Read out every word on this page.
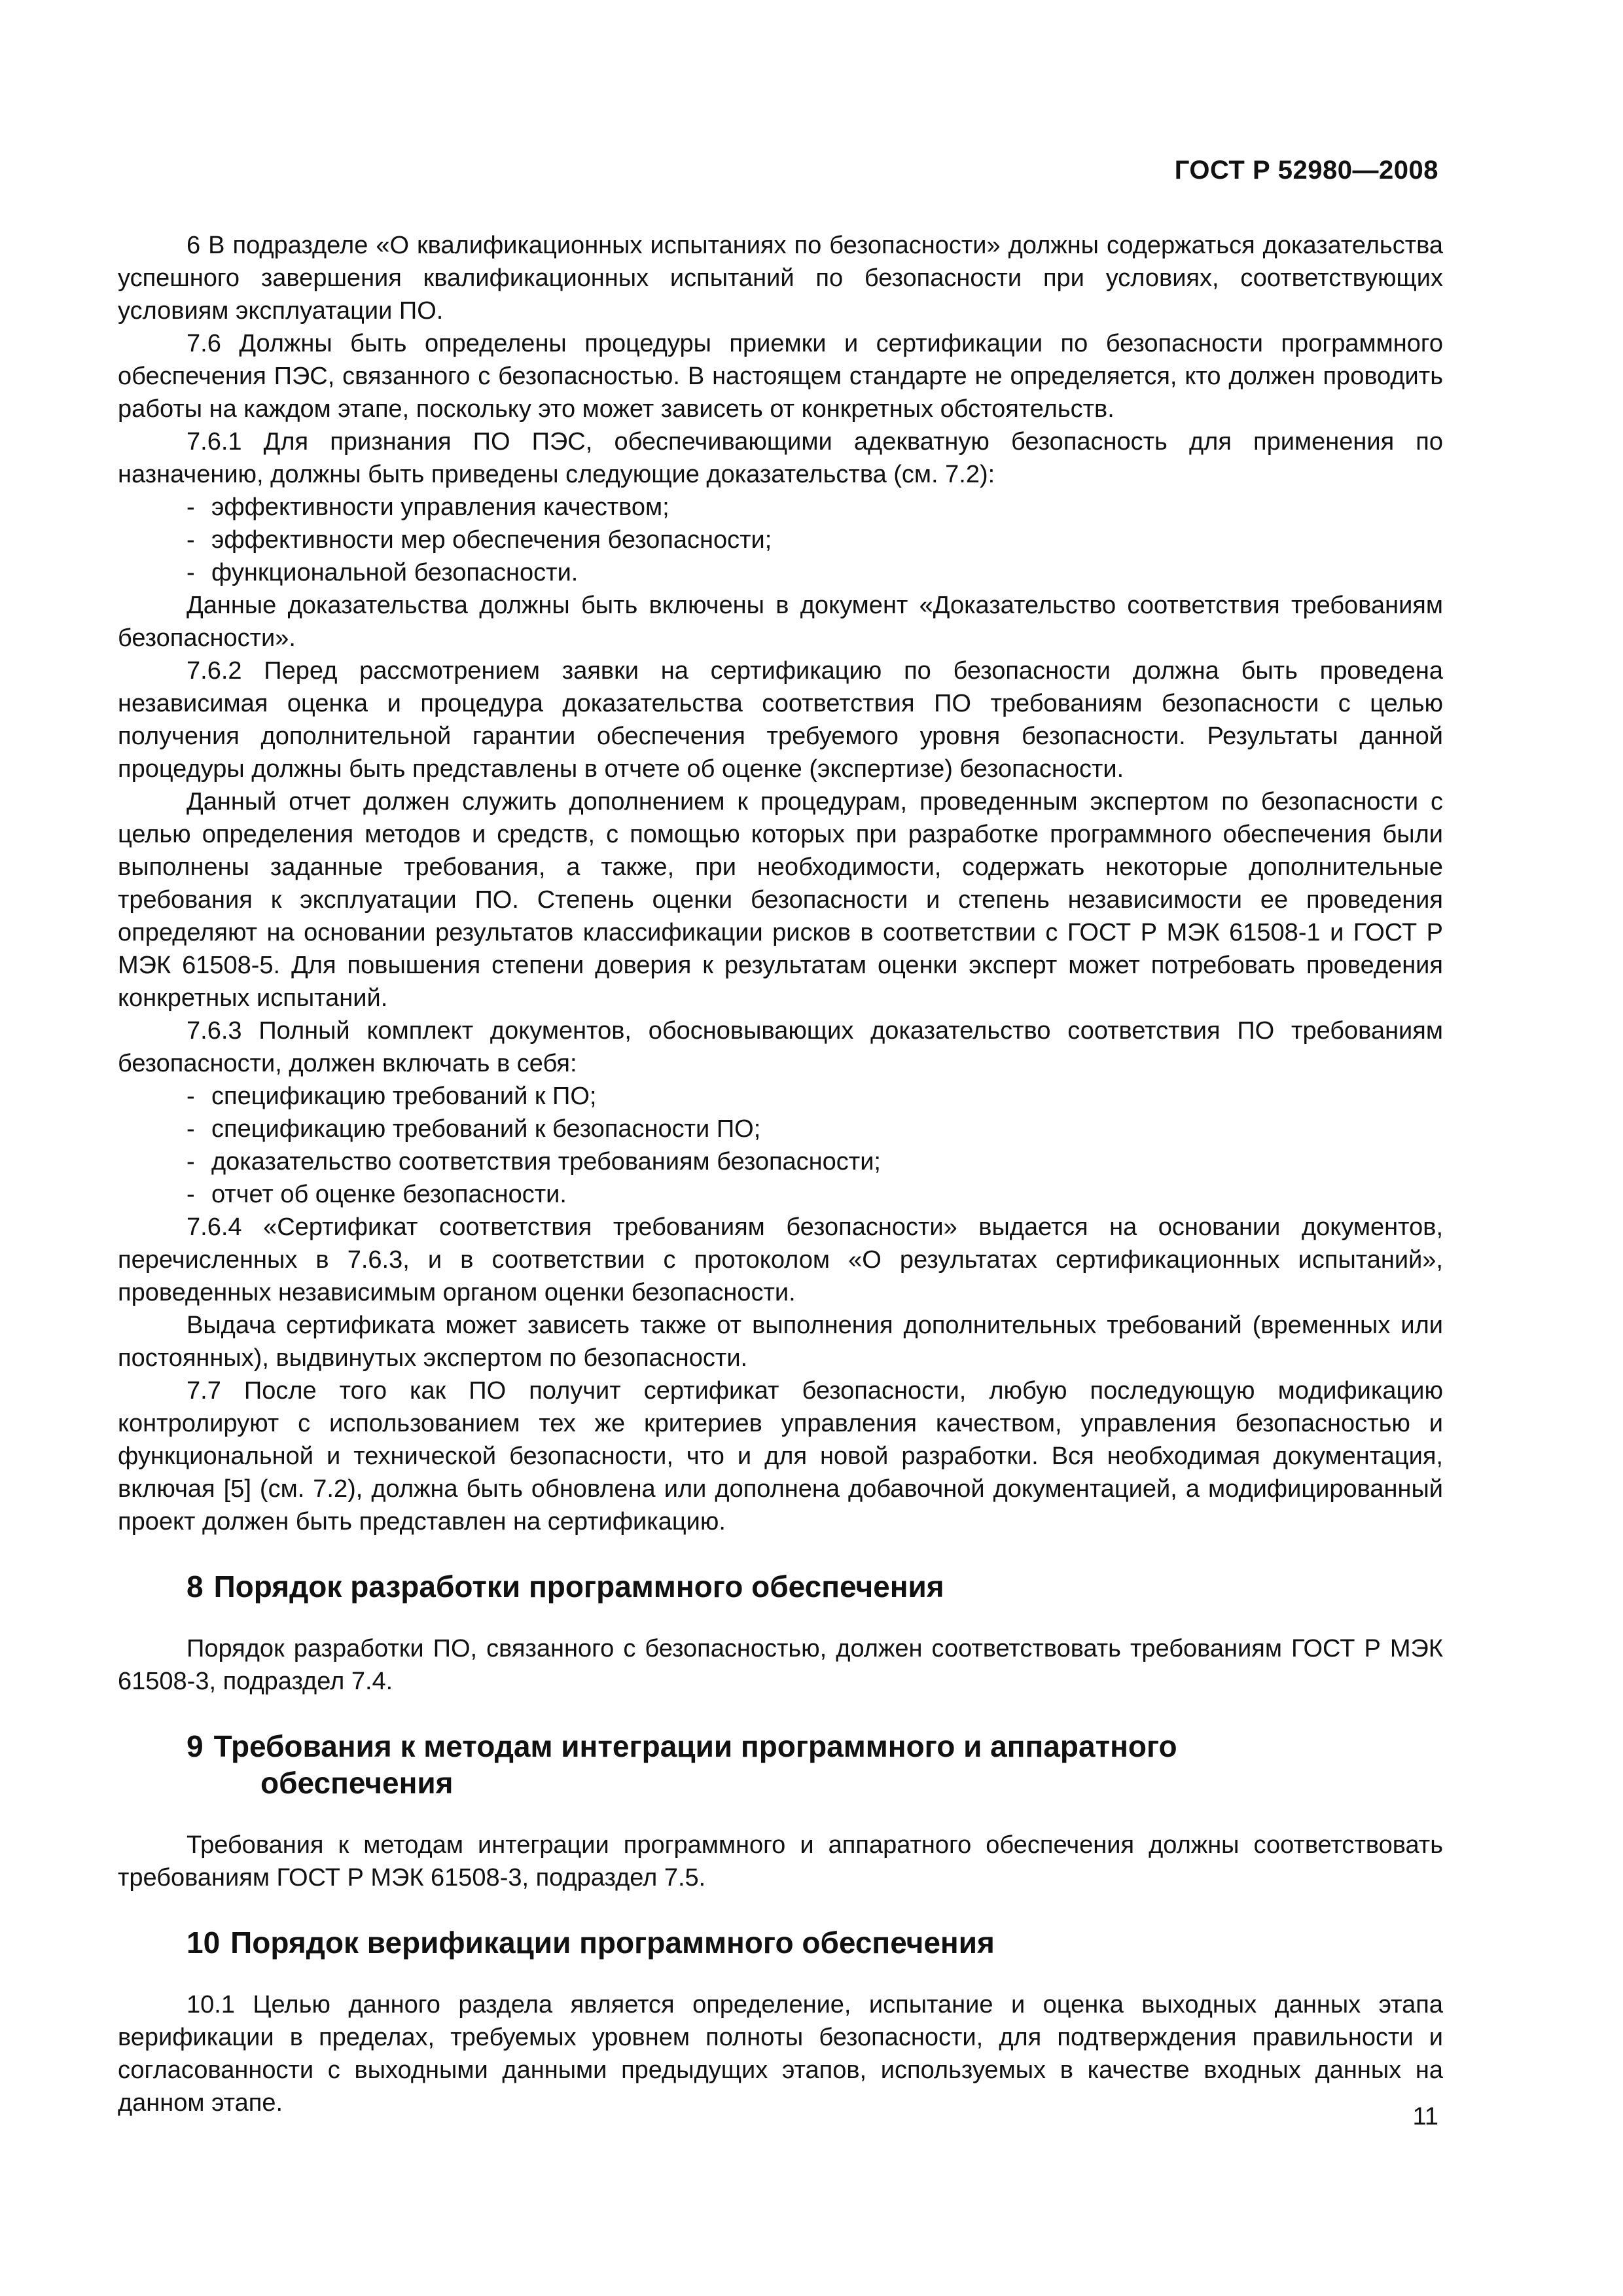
ГОСТ Р 52980—2008

6 В подразделе «О квалификационных испытаниях по безопасности» должны содержаться доказательства успешного завершения квалификационных испытаний по безопасности при условиях, соответствующих условиям эксплуатации ПО.

7.6 Должны быть определены процедуры приемки и сертификации по безопасности программного обеспечения ПЭС, связанного с безопасностью. В настоящем стандарте не определяется, кто должен проводить работы на каждом этапе, поскольку это может зависеть от конкретных обстоятельств.

7.6.1 Для признания ПО ПЭС, обеспечивающими адекватную безопасность для применения по назначению, должны быть приведены следующие доказательства (см. 7.2):

- эффективности управления качеством;
- эффективности мер обеспечения безопасности;
- функциональной безопасности.

Данные доказательства должны быть включены в документ «Доказательство соответствия требованиям безопасности».

7.6.2 Перед рассмотрением заявки на сертификацию по безопасности должна быть проведена независимая оценка и процедура доказательства соответствия ПО требованиям безопасности с целью получения дополнительной гарантии обеспечения требуемого уровня безопасности. Результаты данной процедуры должны быть представлены в отчете об оценке (экспертизе) безопасности.

Данный отчет должен служить дополнением к процедурам, проведенным экспертом по безопасности с целью определения методов и средств, с помощью которых при разработке программного обеспечения были выполнены заданные требования, а также, при необходимости, содержать некоторые дополнительные требования к эксплуатации ПО. Степень оценки безопасности и степень независимости ее проведения определяют на основании результатов классификации рисков в соответствии с ГОСТ Р МЭК 61508-1 и ГОСТ Р МЭК 61508-5. Для повышения степени доверия к результатам оценки эксперт может потребовать проведения конкретных испытаний.

7.6.3 Полный комплект документов, обосновывающих доказательство соответствия ПО требованиям безопасности, должен включать в себя:

- спецификацию требований к ПО;
- спецификацию требований к безопасности ПО;
- доказательство соответствия требованиям безопасности;
- отчет об оценке безопасности.

7.6.4 «Сертификат соответствия требованиям безопасности» выдается на основании документов, перечисленных в 7.6.3, и в соответствии с протоколом «О результатах сертификационных испытаний», проведенных независимым органом оценки безопасности.

Выдача сертификата может зависеть также от выполнения дополнительных требований (временных или постоянных), выдвинутых экспертом по безопасности.

7.7 После того как ПО получит сертификат безопасности, любую последующую модификацию контролируют с использованием тех же критериев управления качеством, управления безопасностью и функциональной и технической безопасности, что и для новой разработки. Вся необходимая документация, включая [5] (см. 7.2), должна быть обновлена или дополнена добавочной документацией, а модифицированный проект должен быть представлен на сертификацию.

8 Порядок разработки программного обеспечения

Порядок разработки ПО, связанного с безопасностью, должен соответствовать требованиям ГОСТ Р МЭК 61508-3, подраздел 7.4.

9 Требования к методам интеграции программного и аппаратного
обеспечения

Требования к методам интеграции программного и аппаратного обеспечения должны соответствовать требованиям ГОСТ Р МЭК 61508-3, подраздел 7.5.

10 Порядок верификации программного обеспечения

10.1 Целью данного раздела является определение, испытание и оценка выходных данных этапа верификации в пределах, требуемых уровнем полноты безопасности, для подтверждения правильности и согласованности с выходными данными предыдущих этапов, используемых в качестве входных данных на данном этапе.	11
